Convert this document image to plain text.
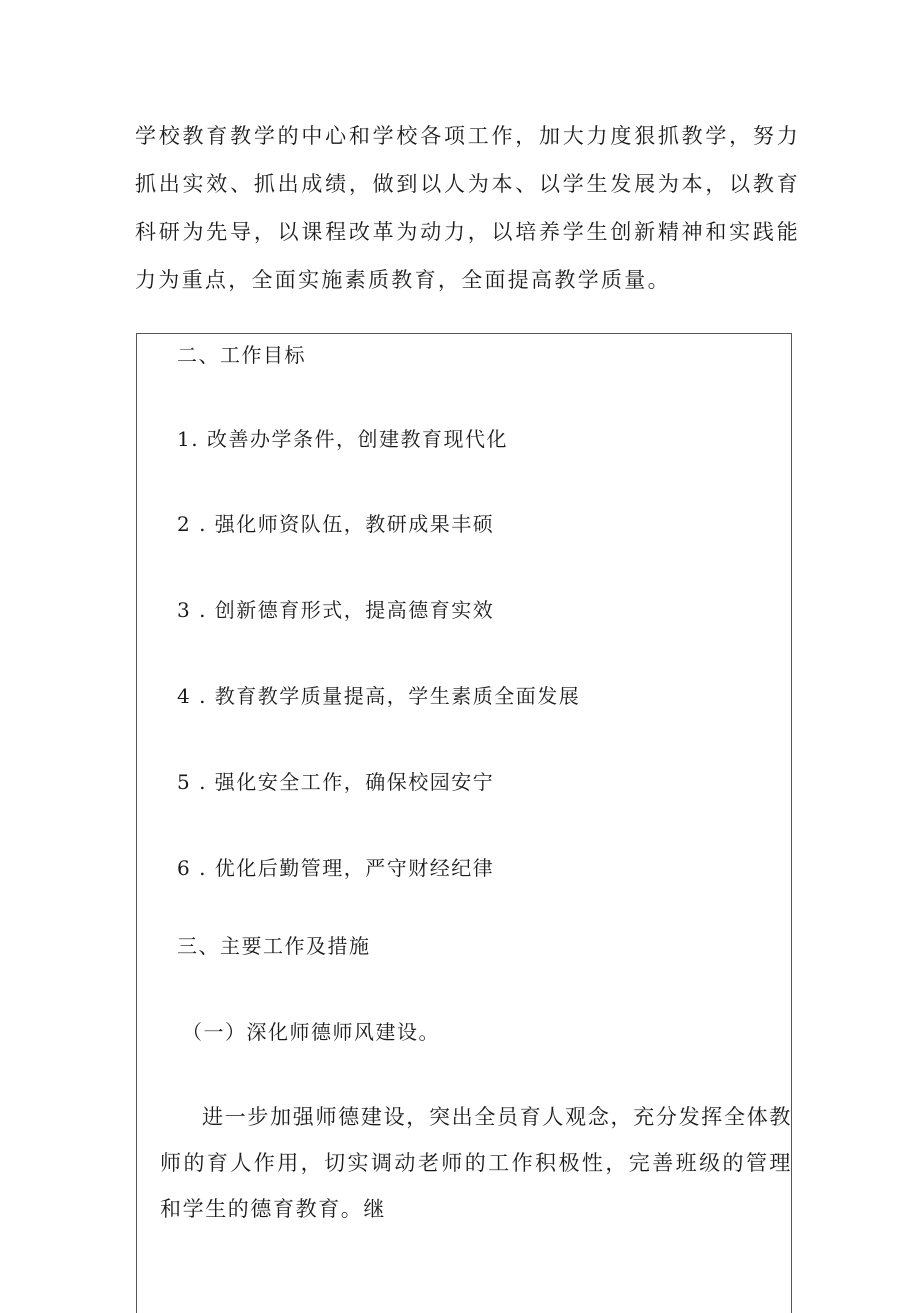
学校教育教学的中心和学校各项工作，加大力度狠抓教学，努力抓出实效、抓出成绩，做到以人为本、以学生发展为本，以教育科研为先导，以课程改革为动力，以培养学生创新精神和实践能力为重点，全面实施素质教育，全面提高教学质量。

二、工作目标

1. 改善办学条件，创建教育现代化

2 . 强化师资队伍，教研成果丰硕

3 . 创新德育形式，提高德育实效

4 . 教育教学质量提高，学生素质全面发展

5 . 强化安全工作，确保校园安宁

6 . 优化后勤管理，严守财经纪律

三、主要工作及措施

（一）深化师德师风建设。

进一步加强师德建设，突出全员育人观念，充分发挥全体教师的育人作用，切实调动老师的工作积极性，完善班级的管理和学生的德育教育。继
